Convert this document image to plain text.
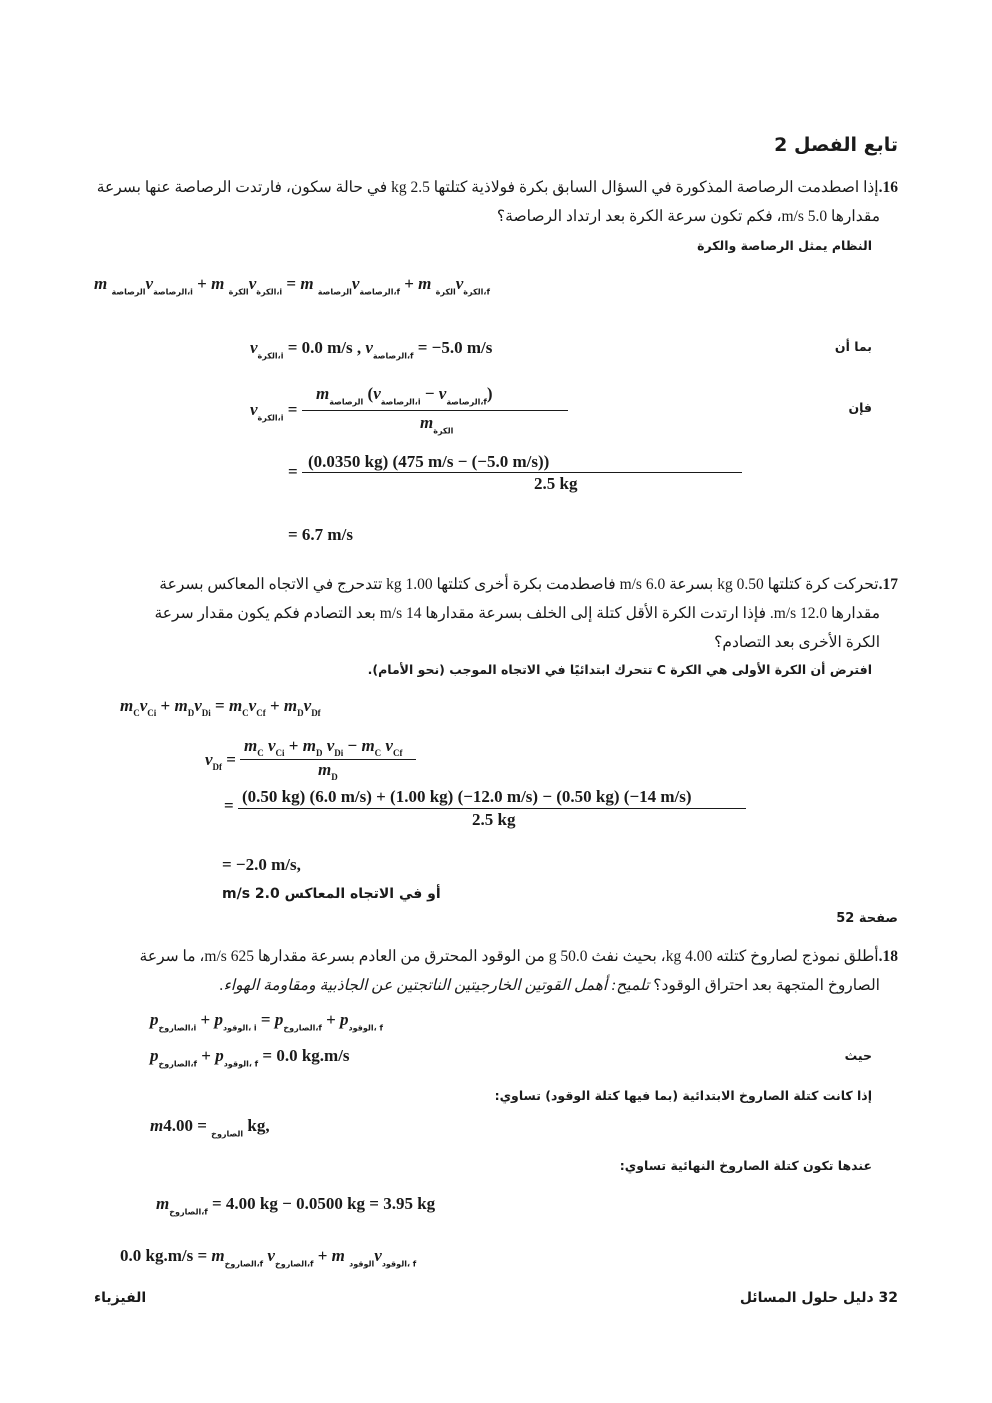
تابع الفصل 2
16.إذا اصطدمت الرصاصة المذكورة في السؤال السابق بكرة فولاذية كتلتها 2.5 kg في حالة سكون، فارتدت الرصاصة عنها بسرعة
مقدارها 5.0 m/s، فكم تكون سرعة الكرة بعد ارتداد الرصاصة؟
النظام يمثل الرصاصة والكرة
m $_{الرصاصة}v_{الرصاصة،i} + m$ $_{الكرة}v_{الكرة،i} = m$ $_{الرصاصة}v_{الرصاصة،f} + m$ $_{الكرة}v_{الكرة،f}$
$v_{الكرة،i} = 0.0$ m/s , $v_{الرصاصة،f} = -5.0$ m/s	بما أن
$v_{الكرة،i}$ =
$m_{الرصاصة}$ $(v_{الرصاصة،i} - v_{الرصاصة،f})$
$m_{الكرة}$
فإن
=
(0.0350 kg) (475 m/s − (−5.0 m/s))
2.5 kg
= 6.7 m/s
17.تحركت كرة كتلتها 0.50 kg بسرعة 6.0 m/s فاصطدمت بكرة أخرى كتلتها 1.00 kg تتدحرج في الاتجاه المعاكس بسرعة
مقدارها 12.0 m/s. فإذا ارتدت الكرة الأقل كتلة إلى الخلف بسرعة مقدارها 14 m/s بعد التصادم فكم يكون مقدار سرعة
الكرة الأخرى بعد التصادم؟
افترض أن الكرة الأولى هي الكرة C تتحرك ابتدائيًا في الاتجاه الموجب (نحو الأمام).
$m_Cv_{Ci} + m_Dv_{Di} = m_Cv_{Cf} + m_Dv_{Df}$
$v_{Df}$ =
$m_C$ $v_{Ci} + m_D$ $v_{Di} - m_C$ $v_{Cf}$
$m_D$
= (0.50 kg) (6.0 m/s) + (1.00 kg) (−12.0 m/s) − (0.50 kg) (−14 m/s)
2.5 kg
= −2.0 m/s,
أو في الاتجاه المعاكس 2.0 m/s
صفحة 52
18.أطلق نموذج لصاروخ كتلته 4.00 kg، بحيث نفث 50.0 g من الوقود المحترق من العادم بسرعة مقدارها 625 m/s، ما سرعة
الصاروخ المتجهة بعد احتراق الوقود؟ تلميح: أهمل القوتين الخارجيتين الناتجتين عن الجاذبية ومقاومة الهواء.
$p_{الصاروخ،i} + p_{الوقود، i} = p_{الصاروخ،f} + p_{الوقود، f}$
$p_{الصاروخ،f} + p_{الوقود، f} = 0.0$ kg.m/s	حيث
إذا كانت كتلة الصاروخ الابتدائية (بما فيها كتلة الوقود) تساوي:
m	$_{الصاروخ}$ = 4.00 kg,
عندها تكون كتلة الصاروخ النهائية تساوي:
$m_{الصاروخ،f} = 4.00$ kg − 0.0500 kg = 3.95 kg
0.0 $kg.m/s = m_{الصاروخ،f}$ $v_{الصاروخ،f} + m$ $_{الوقود}v_{الوقود، f}$
الفيزياء	32 دليل حلول المسائل
